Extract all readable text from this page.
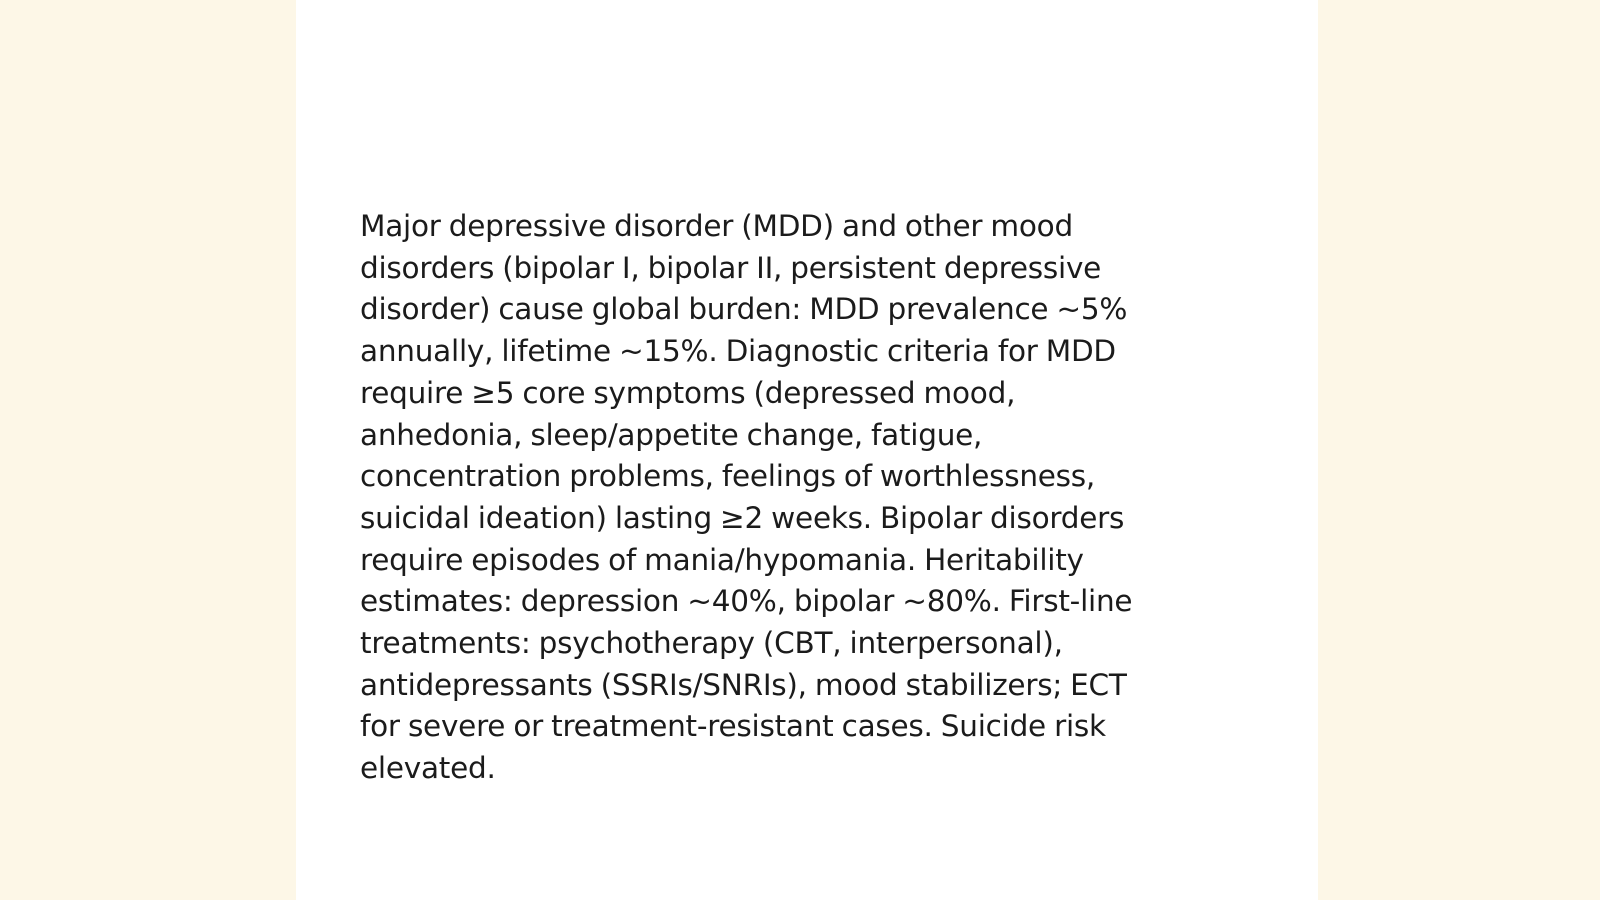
Major depressive disorder (MDD) and other mood
disorders (bipolar I, bipolar II, persistent depressive
disorder) cause global burden: MDD prevalence ~5%
annually, lifetime ~15%. Diagnostic criteria for MDD
require ≥5 core symptoms (depressed mood,
anhedonia, sleep/appetite change, fatigue,
concentration problems, feelings of worthlessness,
suicidal ideation) lasting ≥2 weeks. Bipolar disorders
require episodes of mania/hypomania. Heritability
estimates: depression ~40%, bipolar ~80%. First-line
treatments: psychotherapy (CBT, interpersonal),
antidepressants (SSRIs/SNRIs), mood stabilizers; ECT
for severe or treatment-resistant cases. Suicide risk
elevated.
